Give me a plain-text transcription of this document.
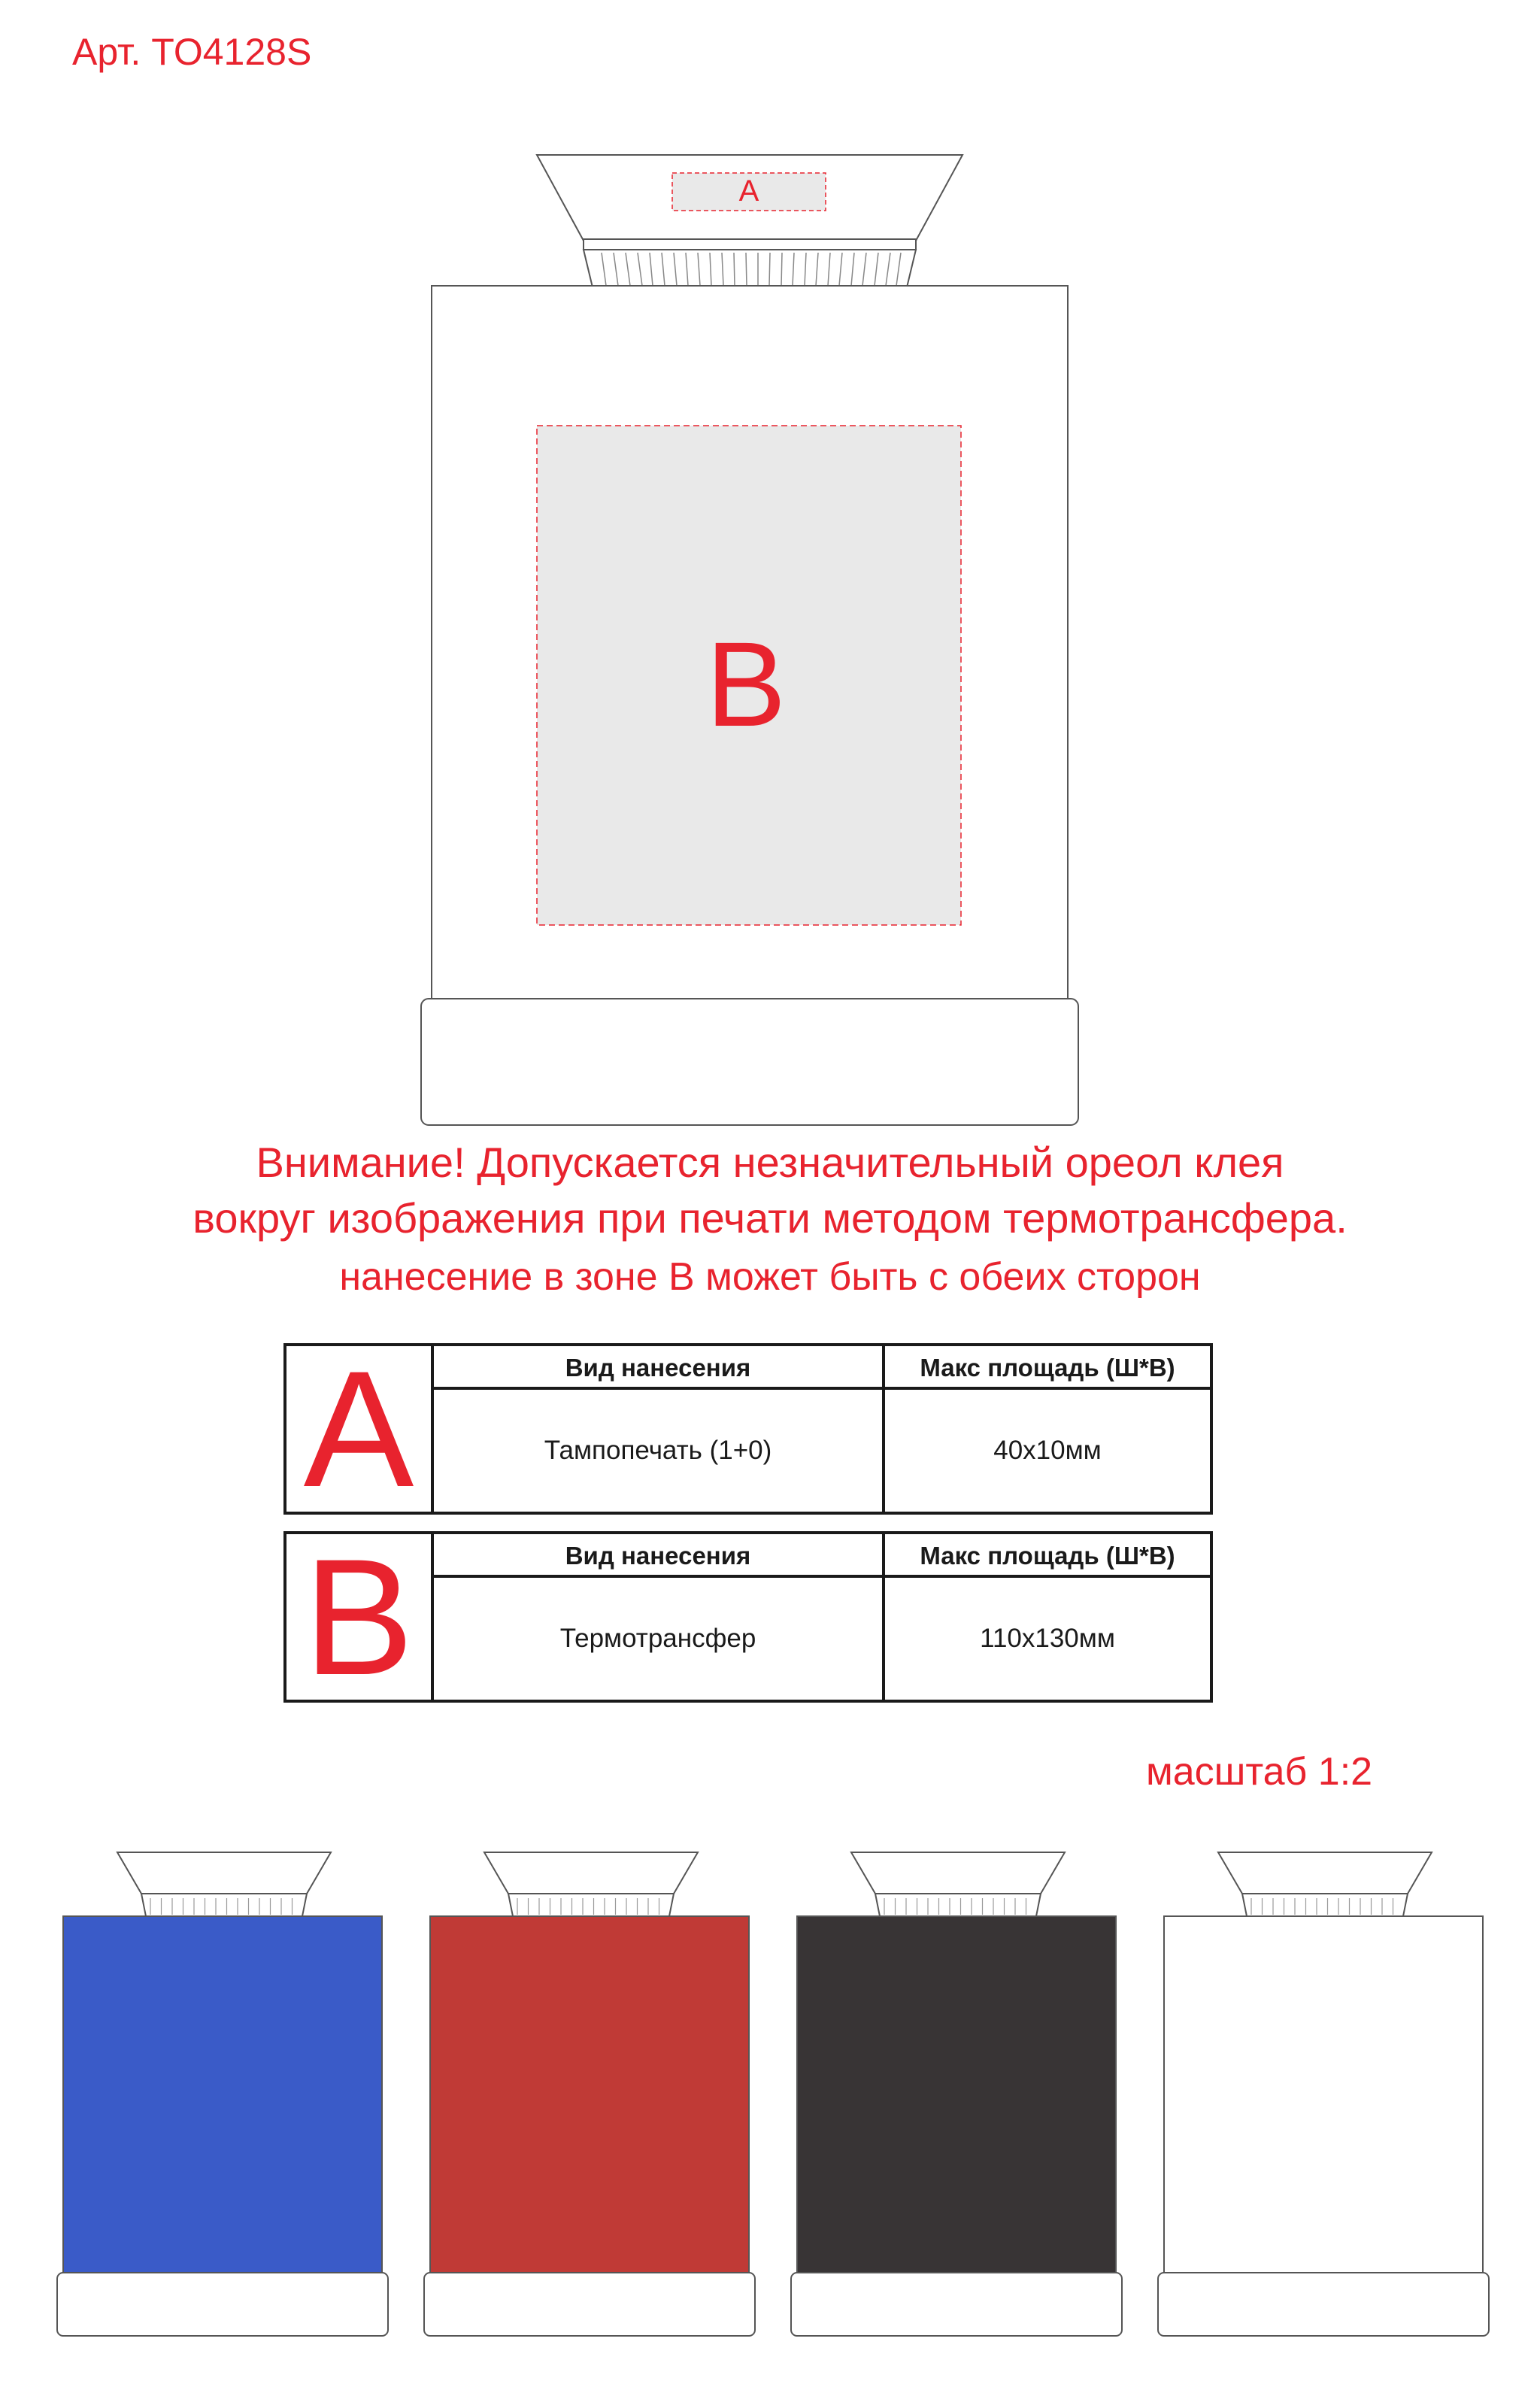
Арт. TO4128S
A
B
Внимание! Допускается незначительный ореол клея
вокруг изображения при печати методом термотрансфера.
нанесение в зоне В может быть с обеих сторон
A	Вид нанесения	Макс площадь (Ш*В)
Тампопечать (1+0)	40x10мм
B	Вид нанесения	Макс площадь (Ш*В)
Термотрансфер	110x130мм
масштаб 1:2
